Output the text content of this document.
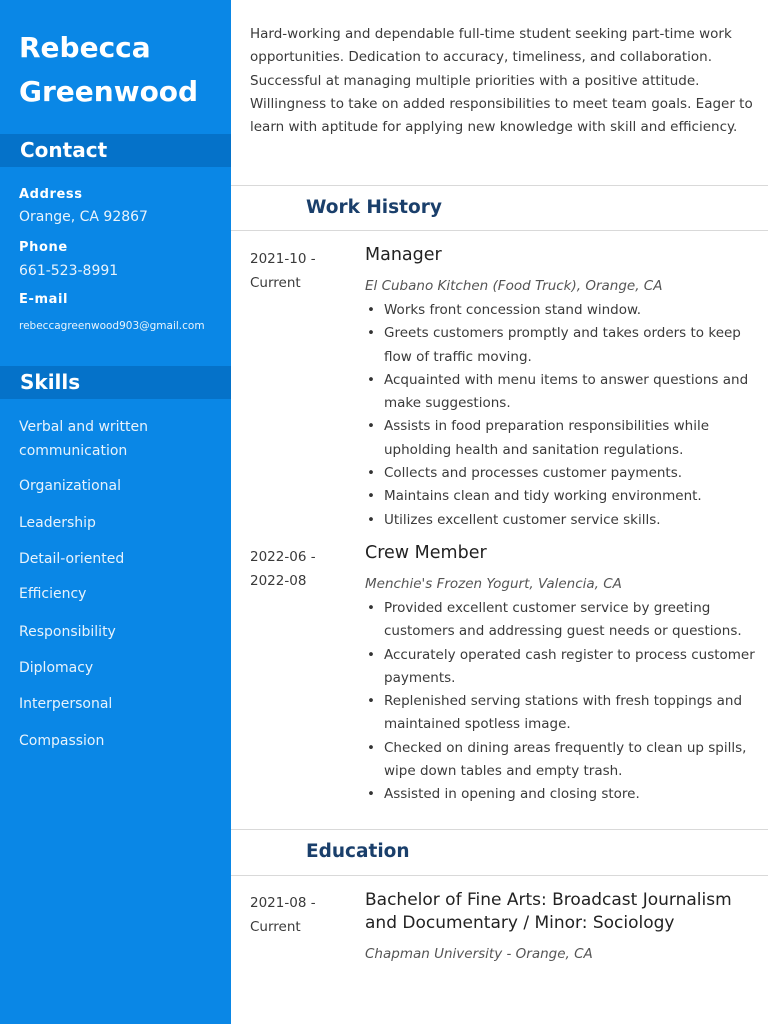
Rebecca
Greenwood
Contact
Address
Orange, CA 92867
Phone
661-523-8991
E-mail
rebeccagreenwood903@gmail.com
Skills
Verbal and written communication
Organizational
Leadership
Detail-oriented
Efficiency
Responsibility
Diplomacy
Interpersonal
Compassion
Hard-working and dependable full-time student seeking part-time work opportunities. Dedication to accuracy, timeliness, and collaboration. Successful at managing multiple priorities with a positive attitude. Willingness to take on added responsibilities to meet team goals. Eager to learn with aptitude for applying new knowledge with skill and efficiency.
Work History
2021-10 -
Current
Manager
El Cubano Kitchen (Food Truck), Orange, CA
• Works front concession stand window.
• Greets customers promptly and takes orders to keep flow of traffic moving.
• Acquainted with menu items to answer questions and make suggestions.
• Assists in food preparation responsibilities while upholding health and sanitation regulations.
• Collects and processes customer payments.
• Maintains clean and tidy working environment.
• Utilizes excellent customer service skills.
2022-06 -
2022-08
Crew Member
Menchie's Frozen Yogurt, Valencia, CA
• Provided excellent customer service by greeting customers and addressing guest needs or questions.
• Accurately operated cash register to process customer payments.
• Replenished serving stations with fresh toppings and maintained spotless image.
• Checked on dining areas frequently to clean up spills, wipe down tables and empty trash.
• Assisted in opening and closing store.
Education
2021-08 -
Current
Bachelor of Fine Arts: Broadcast Journalism and Documentary / Minor: Sociology
Chapman University - Orange, CA
